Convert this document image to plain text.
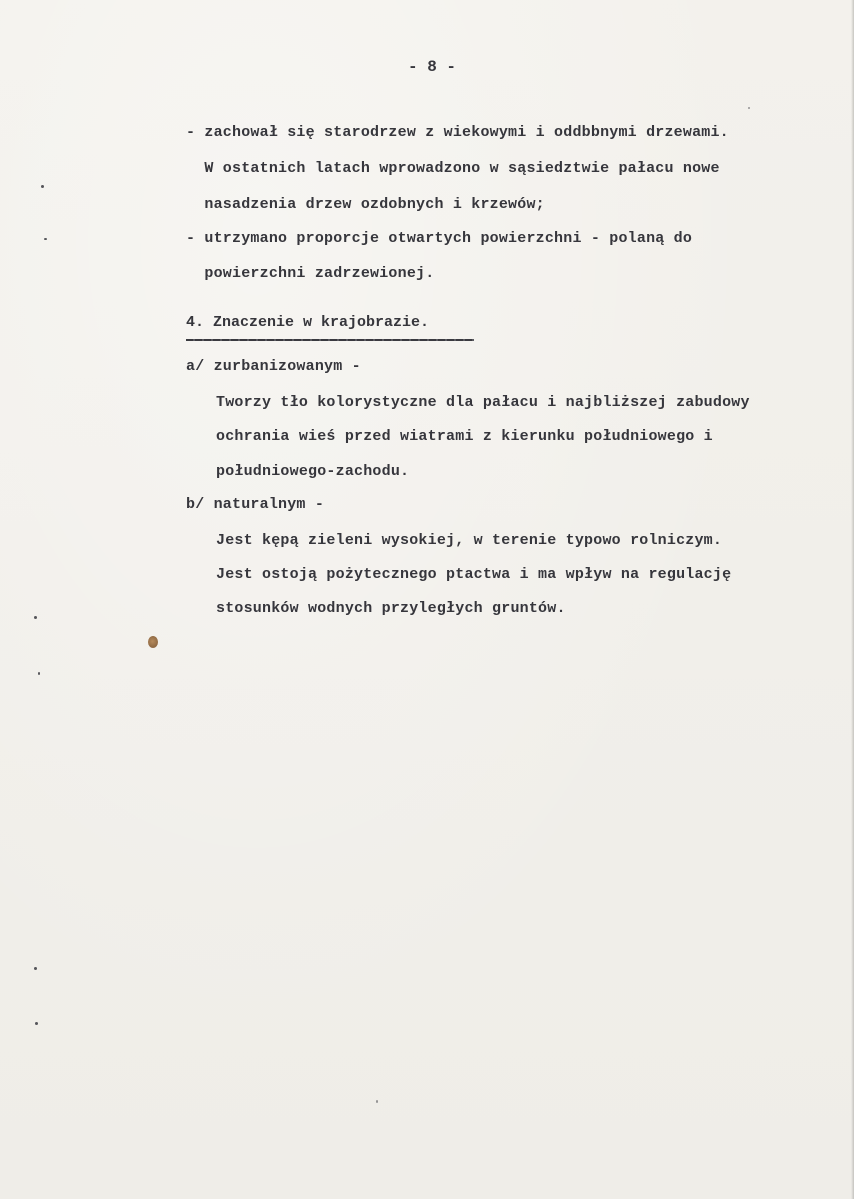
- 8 -
- zachował się starodrzew z wiekowymi i oddbbnymi drzewami.
W ostatnich latach wprowadzono w sąsiedztwie pałacu nowe
nasadzenia drzew ozdobnych i krzewów;
- utrzymano proporcje otwartych powierzchni - polaną do
powierzchni zadrzewionej.
4. Znaczenie w krajobrazie.
a/ zurbanizowanym -
Tworzy tło kolorystyczne dla pałacu i najbliższej zabudowy
ochrania wieś przed wiatrami z kierunku południowego i
południowego-zachodu.
b/ naturalnym -
Jest kępą zieleni wysokiej, w terenie typowo rolniczym.
Jest ostoją pożytecznego ptactwa i ma wpływ na regulację
stosunków wodnych przyległych gruntów.
